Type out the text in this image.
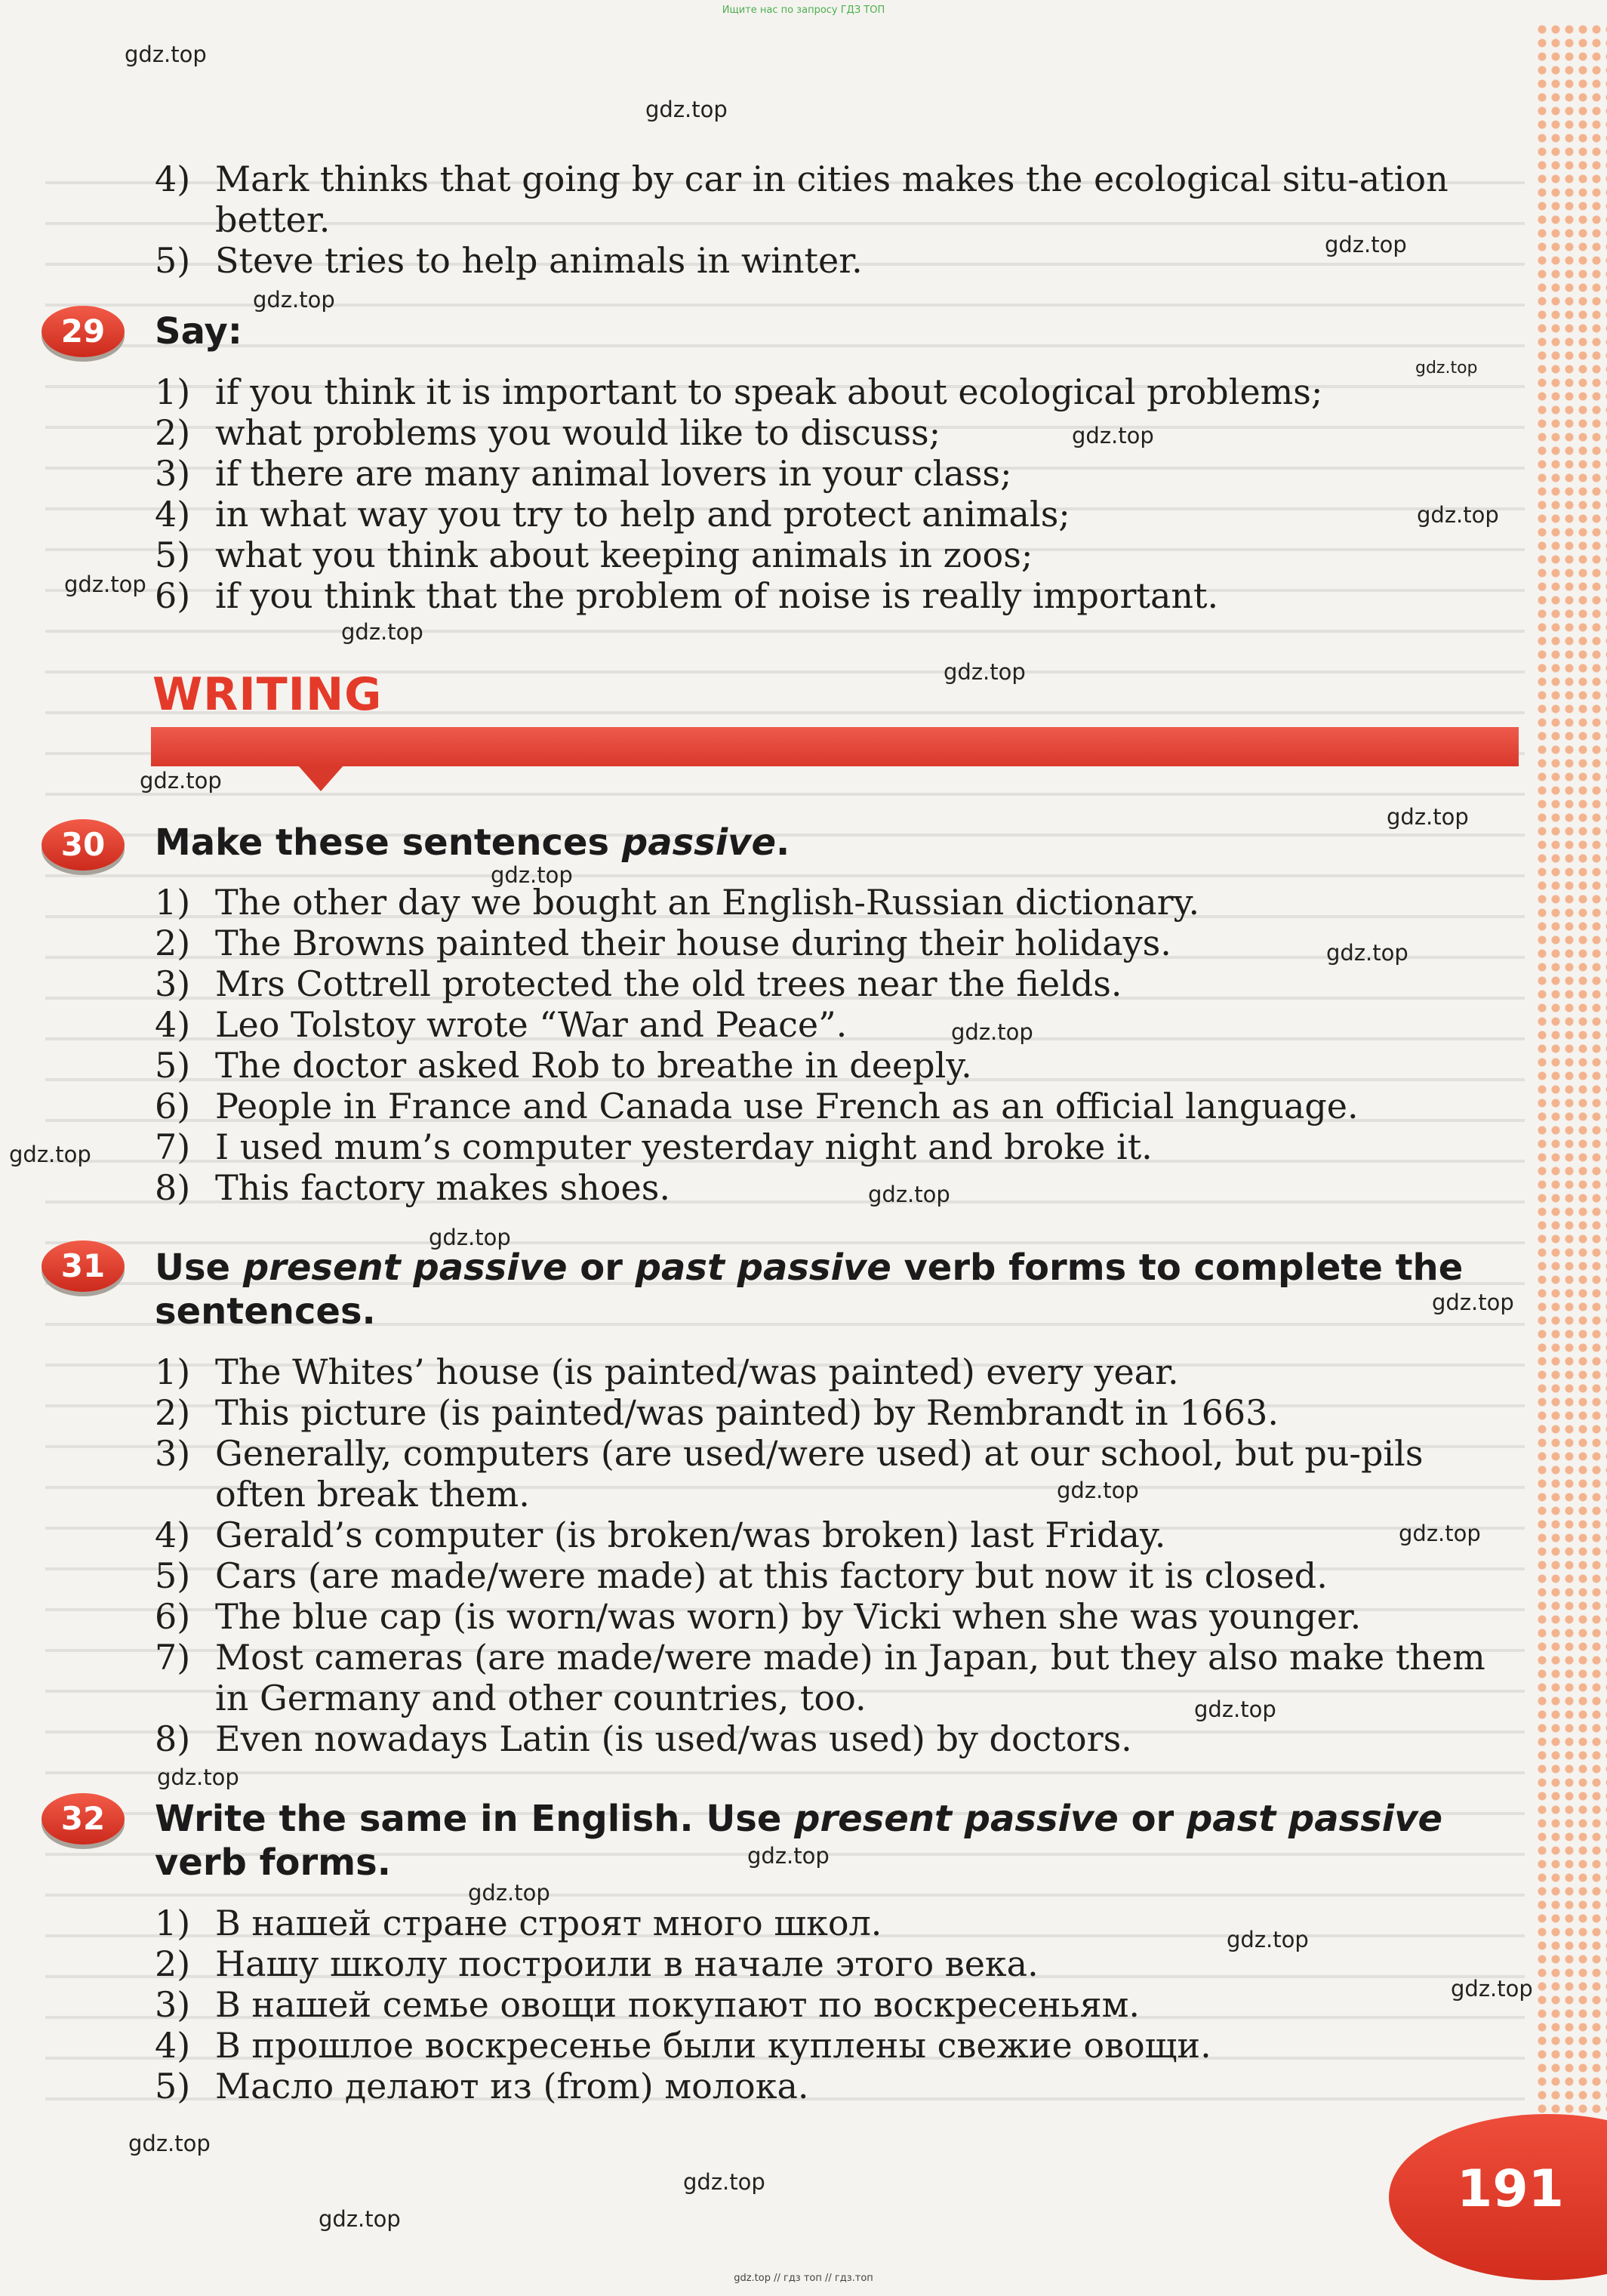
Ищите нас по запросу ГДЗ ТОП
4) Mark thinks that going by car in cities makes the ecological situ-ation better.
5) Steve tries to help animals in winter.
29	Say:
1) if you think it is important to speak about ecological problems;
2) what problems you would like to discuss;
3) if there are many animal lovers in your class;
4) in what way you try to help and protect animals;
5) what you think about keeping animals in zoos;
6) if you think that the problem of noise is really important.
WRITING
30	Make these sentences passive.
1) The other day we bought an English-Russian dictionary.
2) The Browns painted their house during their holidays.
3) Mrs Cottrell protected the old trees near the fields.
4) Leo Tolstoy wrote “War and Peace”.
5) The doctor asked Rob to breathe in deeply.
6) People in France and Canada use French as an official language.
7) I used mum’s computer yesterday night and broke it.
8) This factory makes shoes.
31	Use present passive or past passive verb forms to complete the sentences.
1) The Whites’ house (is painted/was painted) every year.
2) This picture (is painted/was painted) by Rembrandt in 1663.
3) Generally, computers (are used/were used) at our school, but pu-pils often break them.
4) Gerald’s computer (is broken/was broken) last Friday.
5) Cars (are made/were made) at this factory but now it is closed.
6) The blue cap (is worn/was worn) by Vicki when she was younger.
7) Most cameras (are made/were made) in Japan, but they also make them in Germany and other countries, too.
8) Even nowadays Latin (is used/was used) by doctors.
32	Write the same in English. Use present passive or past passive verb forms.
1) В нашей стране строят много школ.
2) Нашу школу построили в начале этого века.
3) В нашей семье овощи покупают по воскресеньям.
4) В прошлое воскресенье были куплены свежие овощи.
5) Масло делают из (from) молока.
191
gdz.top
gdz.top
gdz.top
gdz.top
gdz.top
gdz.top
gdz.top
gdz.top
gdz.top
gdz.top
gdz.top
gdz.top
gdz.top
gdz.top
gdz.top
gdz.top
gdz.top
gdz.top
gdz.top
gdz.top
gdz.top
gdz.top
gdz.top
gdz.top
gdz.top
gdz.top
gdz.top
gdz.top
gdz.top
gdz.top
gdz.top // гдз топ // гдз.топ
